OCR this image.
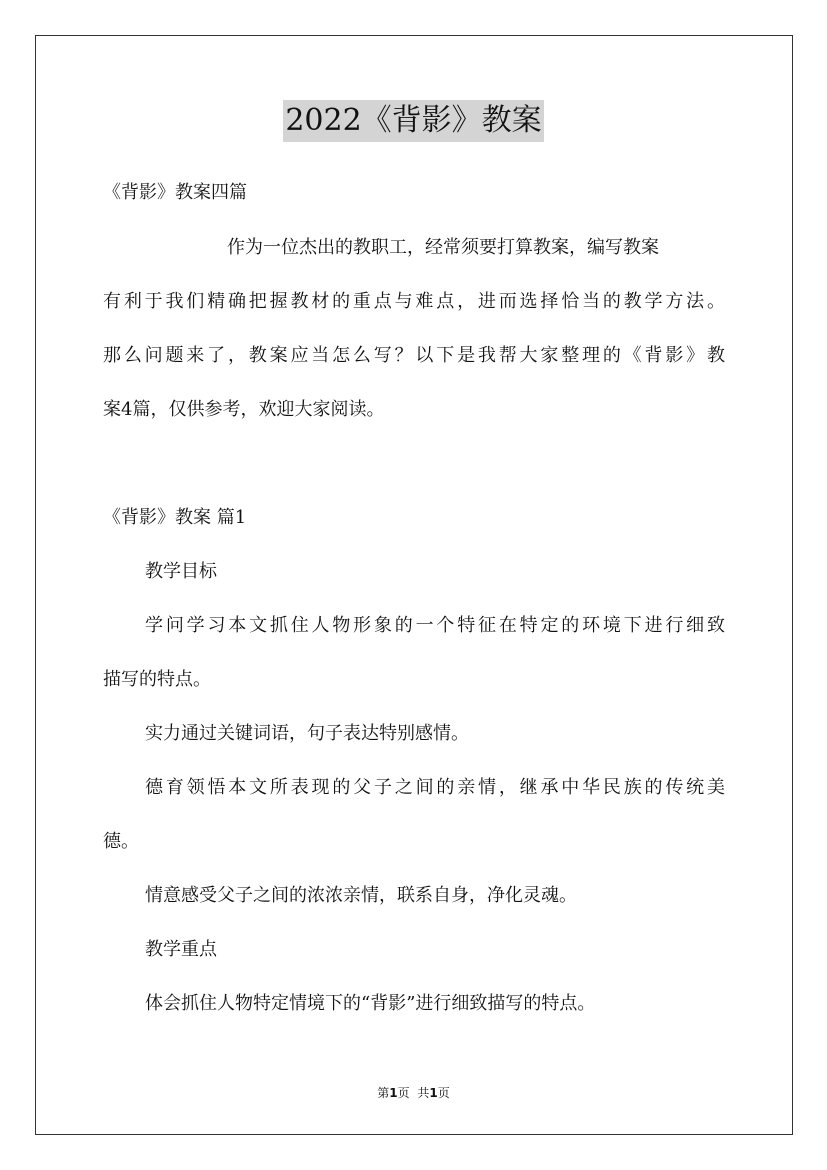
2022《背影》教案
《背影》教案四篇
作为一位杰出的教职工，经常须要打算教案，编写教案
有利于我们精确把握教材的重点与难点，进而选择恰当的教学方法。
那么问题来了，教案应当怎么写？以下是我帮大家整理的《背影》教
案4篇，仅供参考，欢迎大家阅读。
《背影》教案 篇1
教学目标
学问学习本文抓住人物形象的一个特征在特定的环境下进行细致
描写的特点。
实力通过关键词语，句子表达特别感情。
德育领悟本文所表现的父子之间的亲情，继承中华民族的传统美
德。
情意感受父子之间的浓浓亲情，联系自身，净化灵魂。
教学重点
体会抓住人物特定情境下的“背影”进行细致描写的特点。
第1页 共1页
